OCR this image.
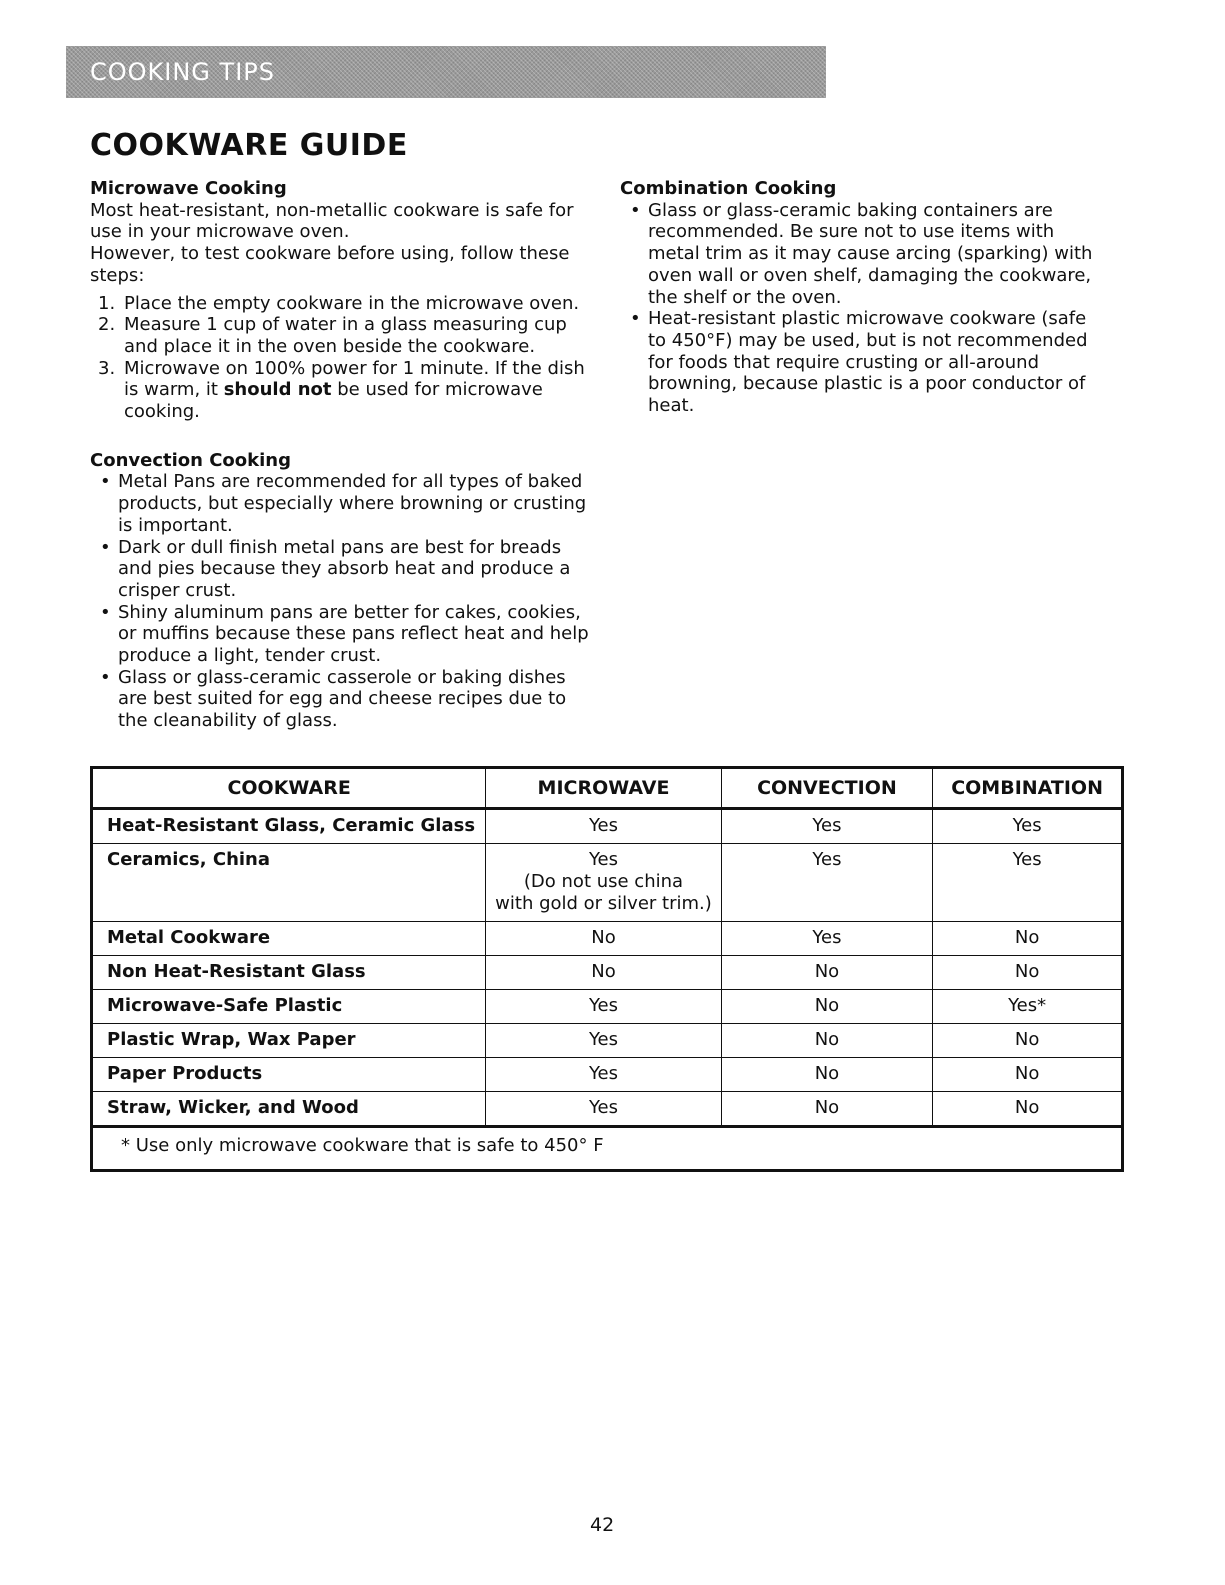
COOKING TIPS
COOKWARE GUIDE
Microwave Cooking

Most heat-resistant, non-metallic cookware is safe for use in your microwave oven.

However, to test cookware before using, follow these steps:

1. Place the empty cookware in the microwave oven.
2. Measure 1 cup of water in a glass measuring cup and place it in the oven beside the cookware.
3. Microwave on 100% power for 1 minute. If the dish is warm, it should not be used for microwave cooking.
Convection Cooking
• Metal Pans are recommended for all types of baked products, but especially where browning or crusting is important.
• Dark or dull finish metal pans are best for breads and pies because they absorb heat and produce a crisper crust.
• Shiny aluminum pans are better for cakes, cookies, or muffins because these pans reflect heat and help produce a light, tender crust.
• Glass or glass-ceramic casserole or baking dishes are best suited for egg and cheese recipes due to the cleanability of glass.
Combination Cooking
• Glass or glass-ceramic baking containers are recommended. Be sure not to use items with metal trim as it may cause arcing (sparking) with oven wall or oven shelf, damaging the cookware, the shelf or the oven.
• Heat-resistant plastic microwave cookware (safe to 450°F) may be used, but is not recommended for foods that require crusting or all-around browning, because plastic is a poor conductor of heat.
COOKWARE	MICROWAVE	CONVECTION	COMBINATION
Heat-Resistant Glass, Ceramic Glass	Yes	Yes	Yes
Ceramics, China	Yes
(Do not use china
with gold or silver trim.)	Yes	Yes
Metal Cookware	No	Yes	No
Non Heat-Resistant Glass	No	No	No
Microwave-Safe Plastic	Yes	No	Yes*
Plastic Wrap, Wax Paper	Yes	No	No
Paper Products	Yes	No	No
Straw, Wicker, and Wood	Yes	No	No
* Use only microwave cookware that is safe to 450° F			
42
